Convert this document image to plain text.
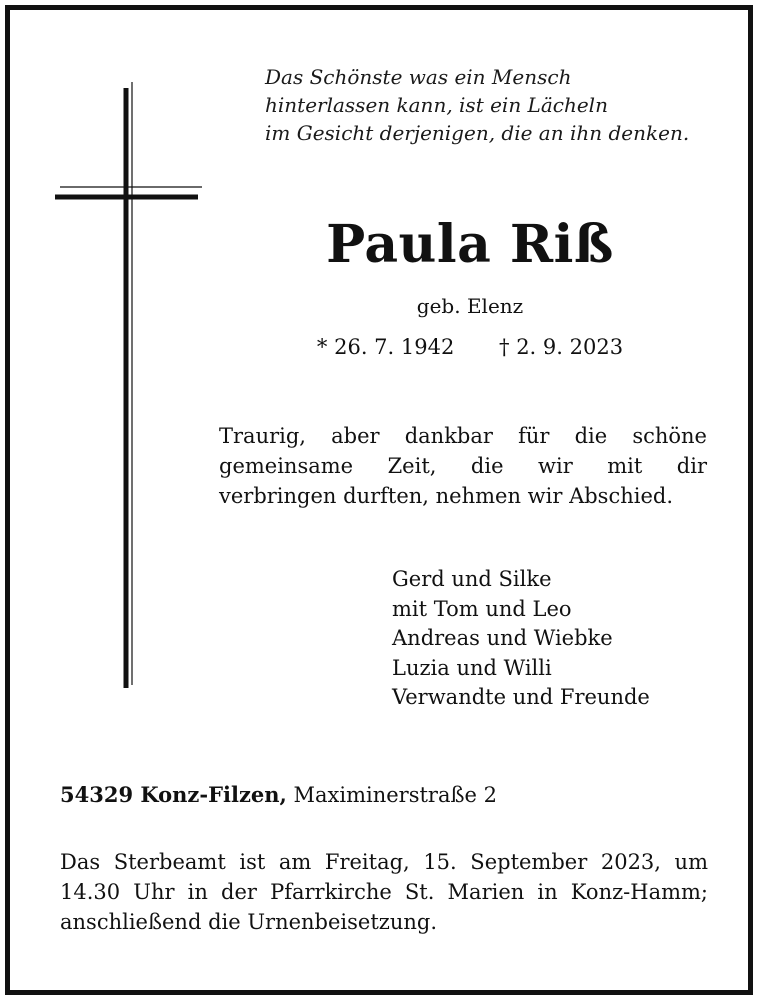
Das Schönste was ein Mensch
hinterlassen kann, ist ein Lächeln
im Gesicht derjenigen, die an ihn denken.
Paula Riß
geb. Elenz
* 26. 7. 1942 † 2. 9. 2023
Traurig, aber dankbar für die schöne
gemeinsame Zeit, die wir mit dir
verbringen durften, nehmen wir Abschied.
Gerd und Silke
mit Tom und Leo
Andreas und Wiebke
Luzia und Willi
Verwandte und Freunde
54329 Konz-Filzen, Maximinerstraße 2
Das Sterbeamt ist am Freitag, 15. September 2023, um
14.30 Uhr in der Pfarrkirche St. Marien in Konz-Hamm;
anschließend die Urnenbeisetzung.
